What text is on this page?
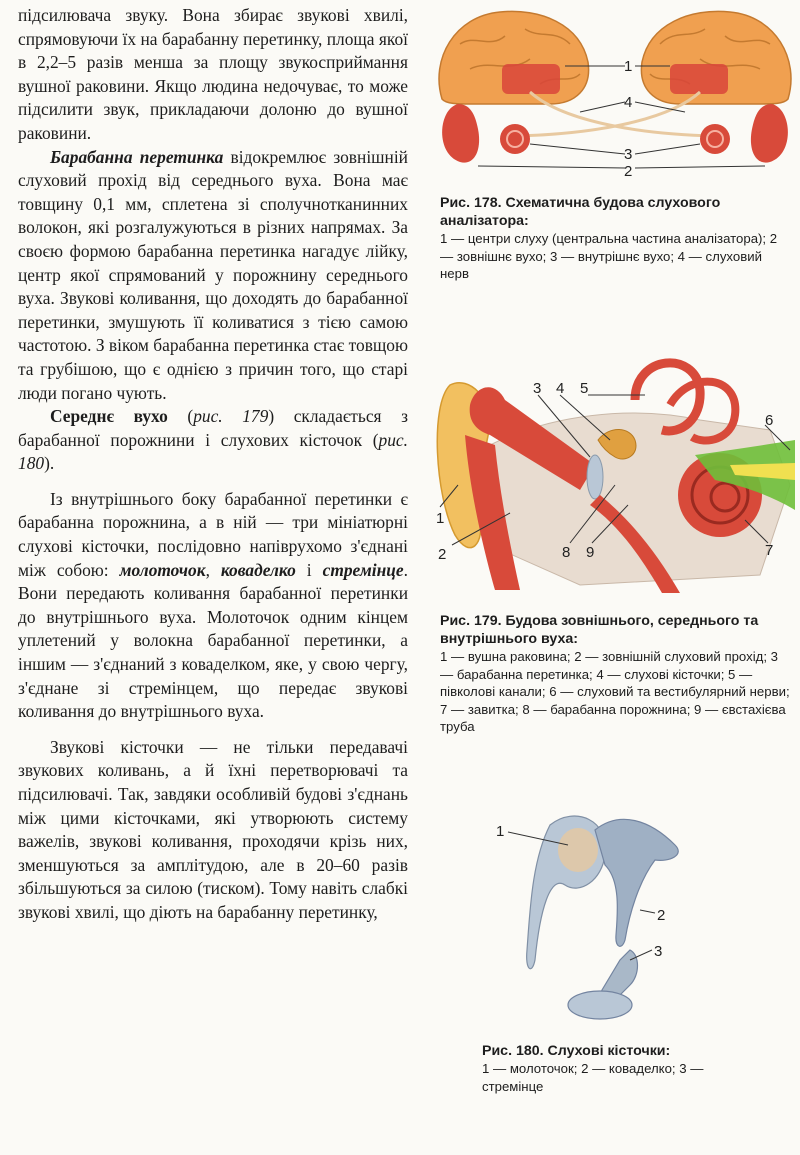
підсилювача звуку. Вона збирає звукові хвилі, спрямовуючи їх на барабанну перетинку, площа якої в 2,2–5 разів менша за площу звукосприймання вушної раковини. Якщо людина недочуває, то може підсилити звук, прикладаючи долоню до вушної раковини.

Барабанна перетинка відокремлює зовнішній слуховий прохід від середнього вуха. Вона має товщину 0,1 мм, сплетена зі сполучнотканинних волокон, які розгалужуються в різних напрямах. За своєю формою барабанна перетинка нагадує лійку, центр якої спрямований у порожнину середнього вуха. Звукові коливання, що доходять до барабанної перетинки, змушують її коливатися з тією самою частотою. З віком барабанна перетинка стає товщою та грубішою, що є однією з причин того, що старі люди погано чують.

Середнє вухо (рис. 179) складається з барабанної порожнини і слухових кісточок (рис. 180).

Із внутрішнього боку барабанної перетинки є барабанна порожнина, а в ній — три мініатюрні слухові кісточки, послідовно напіврухомо з'єднані між собою: молоточок, коваделко і стремінце. Вони передають коливання барабанної перетинки до внутрішнього вуха. Молоточок одним кінцем уплетений у волокна барабанної перетинки, а іншим — з'єднаний з коваделком, яке, у свою чергу, з'єднане зі стремінцем, що передає звукові коливання до внутрішнього вуха.

Звукові кісточки — не тільки передавачі звукових коливань, а й їхні перетворювачі та підсилювачі. Так, завдяки особливій будові з'єднань між цими кісточками, які утворюють систему важелів, звукові коливання, проходячи крізь них, зменшуються за амплітудою, але в 20–60 разів збільшуються за силою (тиском). Тому навіть слабкі звукові хвилі, що діють на барабанну перетинку,

1
4
3
2
Рис. 178. Схематична будова слухового аналізатора:
1 — центри слуху (центральна частина аналізатора); 2 — зовнішнє вухо; 3 — внутрішнє вухо; 4 — слуховий нерв
1
2
3 4 5
6
7
8 9
Рис. 179. Будова зовнішнього, середнього та внутрішнього вуха:
1 — вушна раковина; 2 — зовнішній слуховий прохід; 3 — барабанна перетинка; 4 — слухові кісточки; 5 — півколові канали; 6 — слуховий та вестибулярний нерви; 7 — завитка; 8 — барабанна порожнина; 9 — євстахієва труба
1
2
3
Рис. 180. Слухові кісточки:
1 — молоточок; 2 — коваделко; 3 — стремінце
